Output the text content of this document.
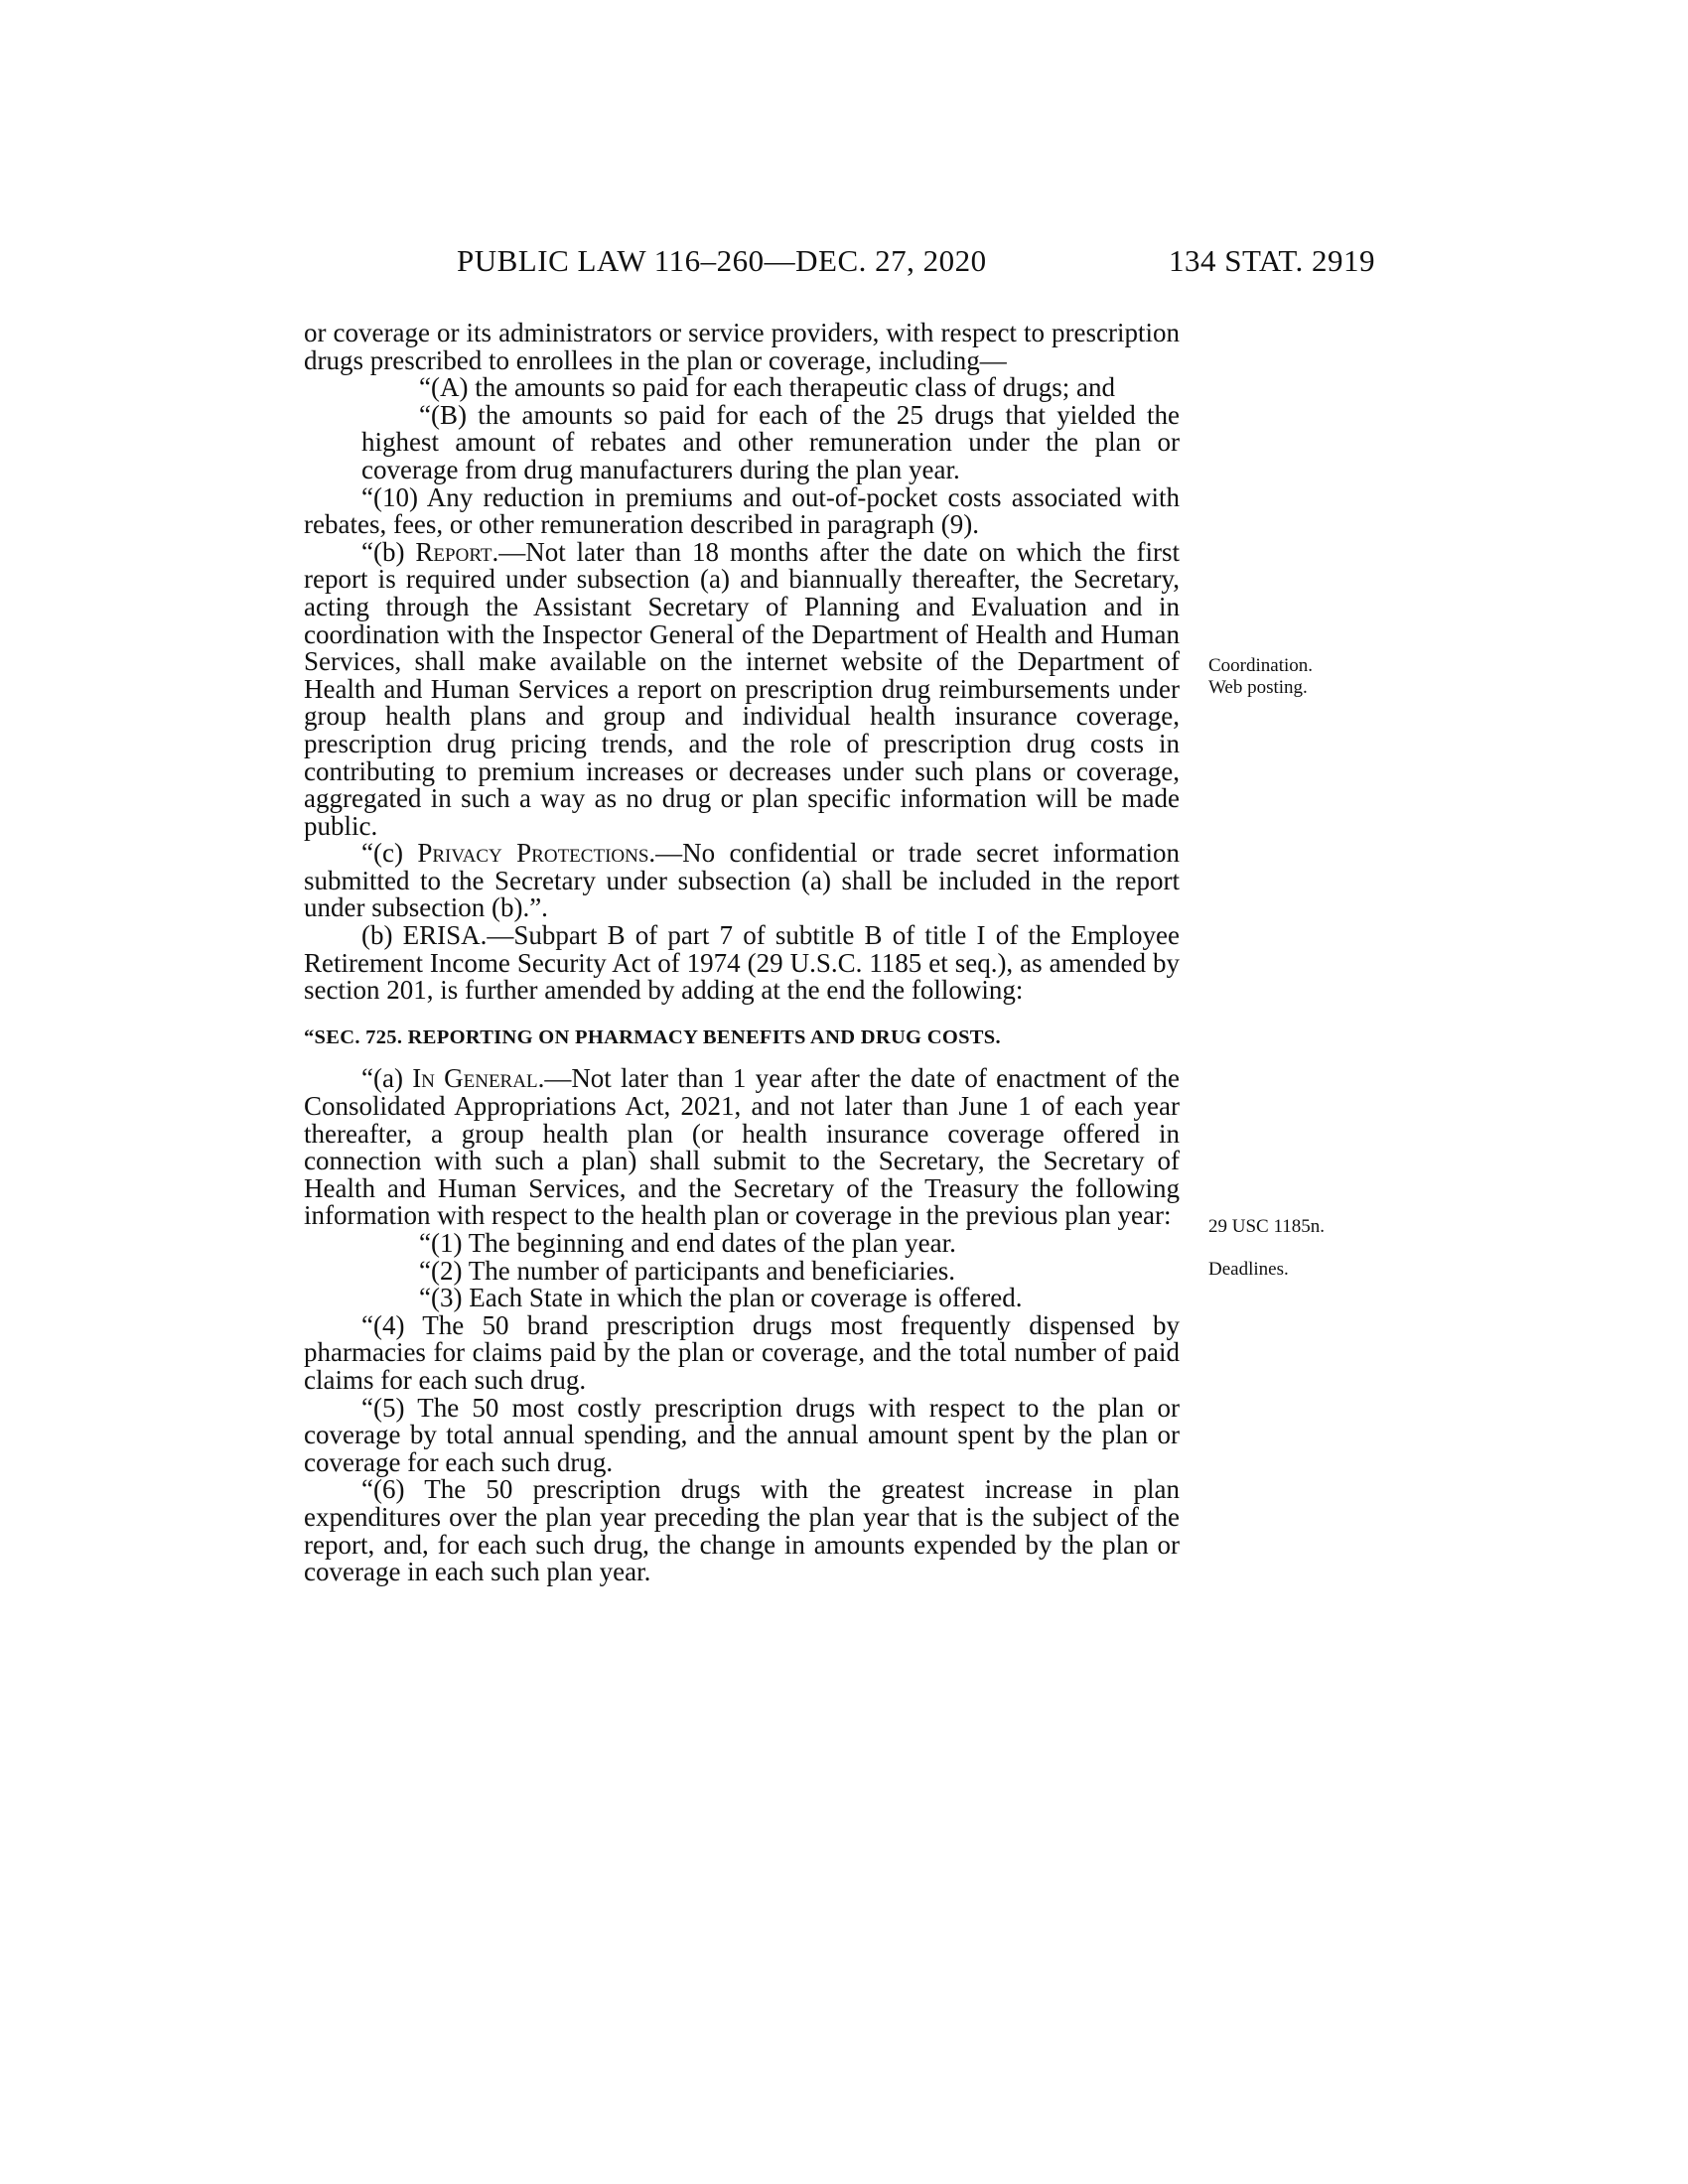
PUBLIC LAW 116–260—DEC. 27, 2020	134 STAT. 2919
Coordination.
Web posting.
29 USC 1185n.
Deadlines.

or coverage or its administrators or service providers, with respect to prescription drugs prescribed to enrollees in the plan or coverage, including—

“(A) the amounts so paid for each therapeutic class of drugs; and

“(B) the amounts so paid for each of the 25 drugs that yielded the highest amount of rebates and other remuneration under the plan or coverage from drug manufacturers during the plan year.

“(10) Any reduction in premiums and out-of-pocket costs associated with rebates, fees, or other remuneration described in paragraph (9).

“(b) Report.—Not later than 18 months after the date on which the first report is required under subsection (a) and biannually thereafter, the Secretary, acting through the Assistant Secretary of Planning and Evaluation and in coordination with the Inspector General of the Department of Health and Human Services, shall make available on the internet website of the Department of Health and Human Services a report on prescription drug reimbursements under group health plans and group and individual health insurance coverage, prescription drug pricing trends, and the role of prescription drug costs in contributing to premium increases or decreases under such plans or coverage, aggregated in such a way as no drug or plan specific information will be made public.

“(c) Privacy Protections.—No confidential or trade secret information submitted to the Secretary under subsection (a) shall be included in the report under subsection (b).”.

(b) ERISA.—Subpart B of part 7 of subtitle B of title I of the Employee Retirement Income Security Act of 1974 (29 U.S.C. 1185 et seq.), as amended by section 201, is further amended by adding at the end the following:

“SEC. 725. REPORTING ON PHARMACY BENEFITS AND DRUG COSTS.

“(a) In General.—Not later than 1 year after the date of enactment of the Consolidated Appropriations Act, 2021, and not later than June 1 of each year thereafter, a group health plan (or health insurance coverage offered in connection with such a plan) shall submit to the Secretary, the Secretary of Health and Human Services, and the Secretary of the Treasury the following information with respect to the health plan or coverage in the previous plan year:

“(1) The beginning and end dates of the plan year.

“(2) The number of participants and beneficiaries.

“(3) Each State in which the plan or coverage is offered.

“(4) The 50 brand prescription drugs most frequently dispensed by pharmacies for claims paid by the plan or coverage, and the total number of paid claims for each such drug.

“(5) The 50 most costly prescription drugs with respect to the plan or coverage by total annual spending, and the annual amount spent by the plan or coverage for each such drug.

“(6) The 50 prescription drugs with the greatest increase in plan expenditures over the plan year preceding the plan year that is the subject of the report, and, for each such drug, the change in amounts expended by the plan or coverage in each such plan year.
